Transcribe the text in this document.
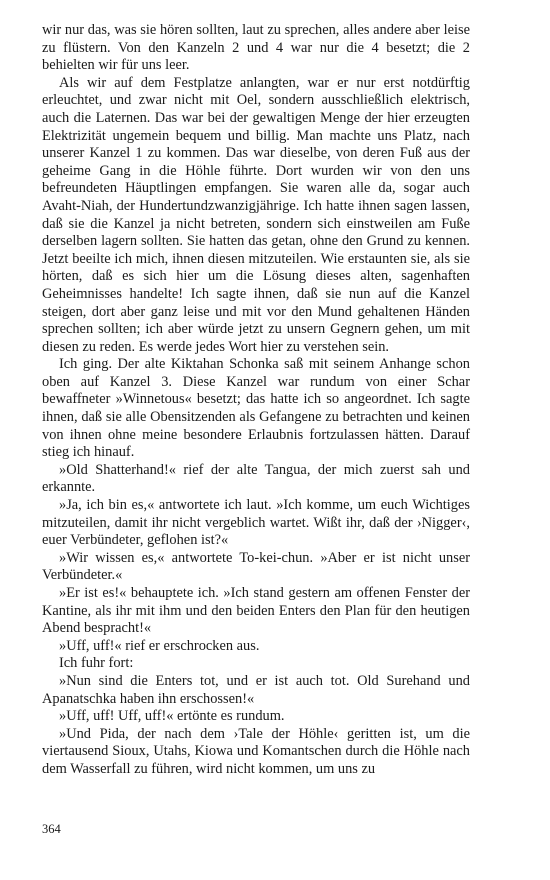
wir nur das, was sie hören sollten, laut zu sprechen, alles andere aber leise zu flüstern. Von den Kanzeln 2 und 4 war nur die 4 besetzt; die 2 behielten wir für uns leer.

Als wir auf dem Festplatze anlangten, war er nur erst notdürftig erleuchtet, und zwar nicht mit Oel, sondern ausschließlich elektrisch, auch die Laternen. Das war bei der gewaltigen Menge der hier erzeugten Elektrizität ungemein bequem und billig. Man machte uns Platz, nach unserer Kanzel 1 zu kommen. Das war dieselbe, von deren Fuß aus der geheime Gang in die Höhle führte. Dort wurden wir von den uns befreundeten Häuptlingen empfangen. Sie waren alle da, sogar auch Avaht-Niah, der Hundertundzwanzigjährige. Ich hatte ihnen sagen lassen, daß sie die Kanzel ja nicht betreten, sondern sich einstweilen am Fuße derselben lagern sollten. Sie hatten das getan, ohne den Grund zu kennen. Jetzt beeilte ich mich, ihnen diesen mitzuteilen. Wie erstaunten sie, als sie hörten, daß es sich hier um die Lösung dieses alten, sagenhaften Geheimnisses handelte! Ich sagte ihnen, daß sie nun auf die Kanzel steigen, dort aber ganz leise und mit vor den Mund gehaltenen Händen sprechen sollten; ich aber würde jetzt zu unsern Gegnern gehen, um mit diesen zu reden. Es werde jedes Wort hier zu verstehen sein.

Ich ging. Der alte Kiktahan Schonka saß mit seinem Anhange schon oben auf Kanzel 3. Diese Kanzel war rundum von einer Schar bewaffneter »Winnetous« besetzt; das hatte ich so angeordnet. Ich sagte ihnen, daß sie alle Obensitzenden als Gefangene zu betrachten und keinen von ihnen ohne meine besondere Erlaubnis fortzulassen hätten. Darauf stieg ich hinauf.

»Old Shatterhand!« rief der alte Tangua, der mich zuerst sah und erkannte.

»Ja, ich bin es,« antwortete ich laut. »Ich komme, um euch Wichtiges mitzuteilen, damit ihr nicht vergeblich wartet. Wißt ihr, daß der ›Nigger‹, euer Verbündeter, geflohen ist?«

»Wir wissen es,« antwortete To-kei-chun. »Aber er ist nicht unser Verbündeter.«

»Er ist es!« behauptete ich. »Ich stand gestern am offenen Fenster der Kantine, als ihr mit ihm und den beiden Enters den Plan für den heutigen Abend bespracht!«

»Uff, uff!« rief er erschrocken aus.

Ich fuhr fort:

»Nun sind die Enters tot, und er ist auch tot. Old Surehand und Apanatschka haben ihn erschossen!«

»Uff, uff! Uff, uff!« ertönte es rundum.

»Und Pida, der nach dem ›Tale der Höhle‹ geritten ist, um die viertausend Sioux, Utahs, Kiowa und Komantschen durch die Höhle nach dem Wasserfall zu führen, wird nicht kommen, um uns zu

364
